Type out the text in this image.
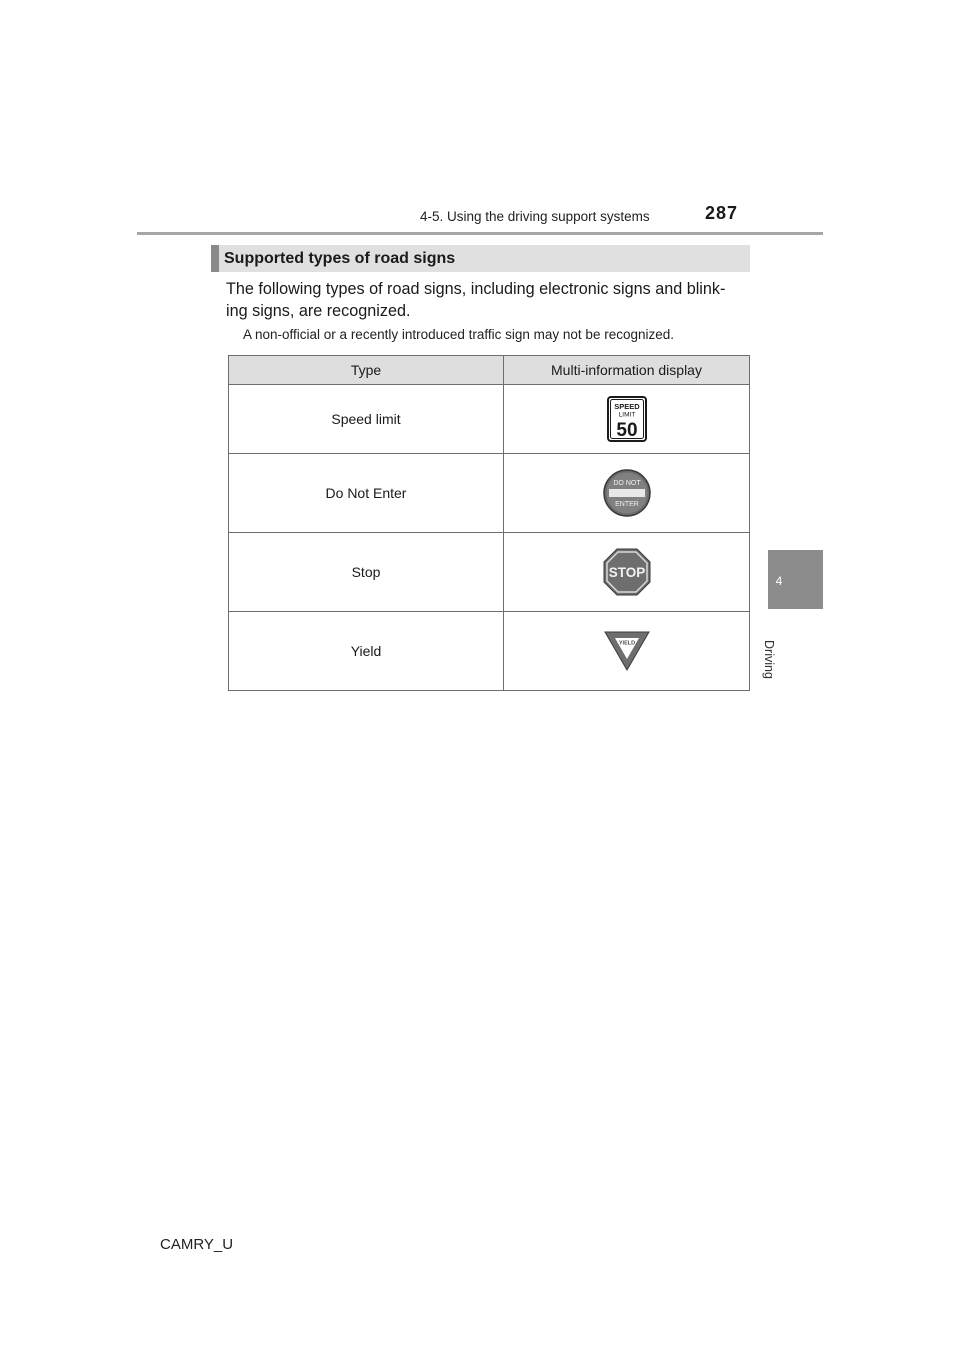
4-5. Using the driving support systems	287
4
Driving
Supported types of road signs
The following types of road signs, including electronic signs and blink- ing signs, are recognized.
A non-official or a recently introduced traffic sign may not be recognized.
Type	Multi-information display
Speed limit	SPEED
LIMIT
50

Do Not Enter	DO NOT
ENTER

Stop	STOP

Yield	YIELD
CAMRY_U
